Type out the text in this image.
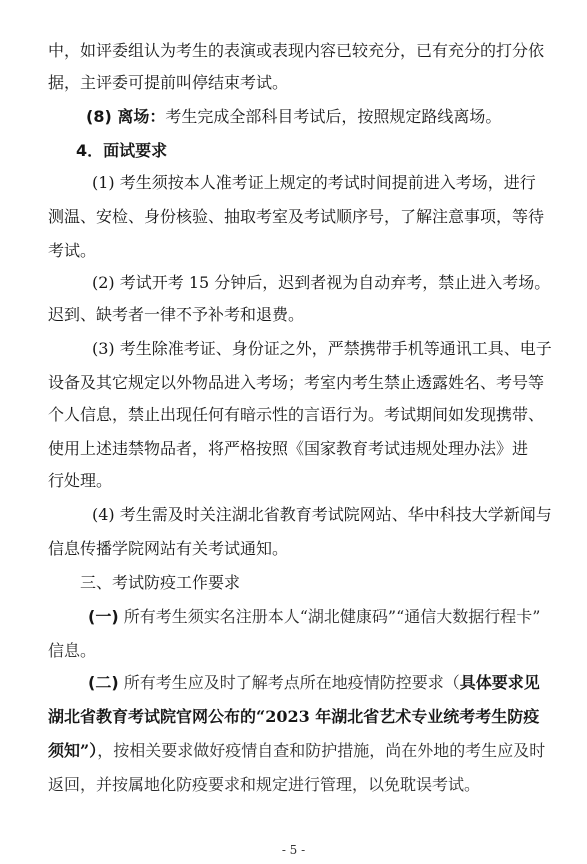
中，如评委组认为考生的表演或表现内容已较充分，已有充分的打分依
据，主评委可提前叫停结束考试。
(8) 离场：考生完成全部科目考试后，按照规定路线离场。
4．面试要求
(1) 考生须按本人准考证上规定的考试时间提前进入考场，进行
测温、安检、身份核验、抽取考室及考试顺序号，了解注意事项，等待
考试。
(2) 考试开考 15 分钟后，迟到者视为自动弃考，禁止进入考场。
迟到、缺考者一律不予补考和退费。
(3) 考生除准考证、身份证之外，严禁携带手机等通讯工具、电子
设备及其它规定以外物品进入考场；考室内考生禁止透露姓名、考号等
个人信息，禁止出现任何有暗示性的言语行为。考试期间如发现携带、
使用上述违禁物品者，将严格按照《国家教育考试违规处理办法》进
行处理。
(4) 考生需及时关注湖北省教育考试院网站、华中科技大学新闻与
信息传播学院网站有关考试通知。
三、考试防疫工作要求
(一) 所有考生须实名注册本人“湖北健康码”“通信大数据行程卡”
信息。
(二) 所有考生应及时了解考点所在地疫情防控要求（具体要求见
湖北省教育考试院官网公布的“2023 年湖北省艺术专业统考考生防疫
须知”），按相关要求做好疫情自查和防护措施，尚在外地的考生应及时
- 5 -
返回，并按属地化防疫要求和规定进行管理，以免耽误考试。
